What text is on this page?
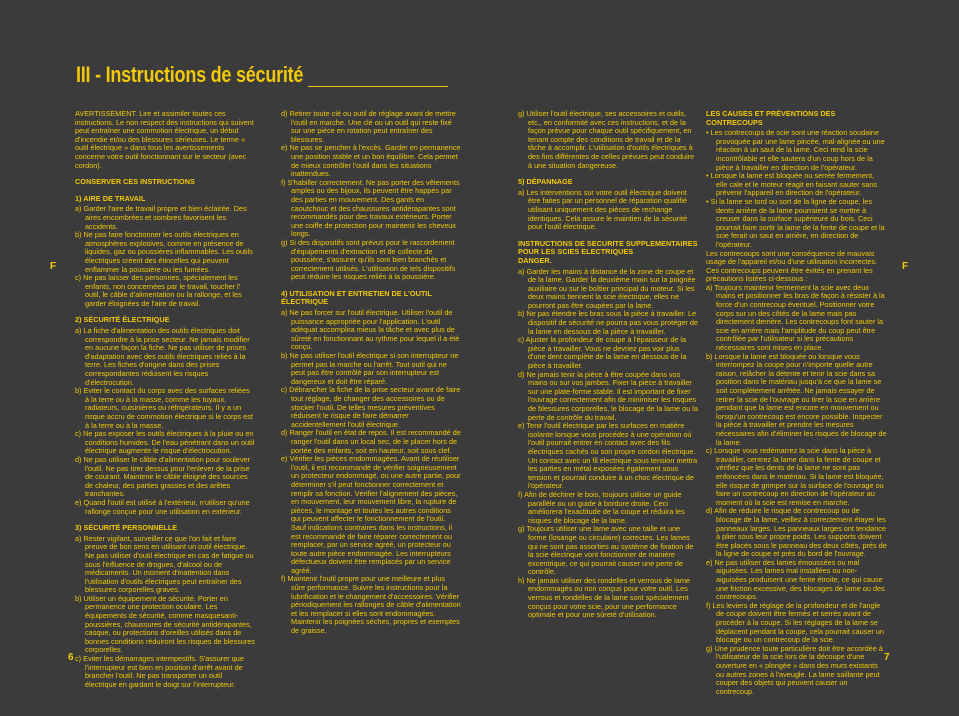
III - Instructions de sécurité

AVERTISSEMENT. Lire et assimiler toutes ces instructions. Le non respect des instructions qui suivent peut entraîner une commotion électrique, un début d'incendie et/ou des blessures sérieuses. Le terme « outil électrique » dans tous les avertissements concerne votre outil fonctionnant sur le secteur (avec cordon).

CONSERVER CES INSTRUCTIONS

1) AIRE DE TRAVAIL
a) Garder l'aire de travail propre et bien éclairée. Des aires encombrées et sombres favorisent les accidents.
b) Ne pas faire fonctionner les outils électriques en atmosphères explosives, comme en présence de liquides, gaz ou poussières inflammables. Les outils électriques créent des étincelles qui peuvent enflammer la poussière ou les fumées.
c) Ne pas laisser des personnes, spécialement les enfants, non concernées par le travail, toucher l' outil, le câble d'alimentation ou la rallonge, et les garder éloignées de l'aire de travail.
2) SÉCURITÉ ÉLECTRIQUE
a) La fiche d'alimentation des outils électriques doit correspondre à la prise secteur. Ne jamais modifier en aucune façon la fiche. Ne pas utiliser de prises d'adaptation avec des outils électriques reliés à la terre. Les fiches d'origine dans des prises correspondantes réduisent les risques d'électrocution.
b) Eviter le contact du corps avec des surfaces reliées à la terre ou à la masse, comme les tuyaux, radiateurs, cuisinières ou réfrigérateurs. Il y a un risque accru de commotion électrique si le corps est à la terre ou à la masse.
c) Ne pas exposer les outils électriques à la pluie ou en conditions humides. De l'eau pénétrant dans un outil électrique augmente le risque d'électrocution.
d) Ne pas utiliser le câble d'alimentation pour soulever l'outil. Ne pas tirer dessus pour l'enlever de la prise de courant. Maintenir le câble éloigné des sources de chaleur, des parties grasses et des arêtes tranchantes.
e) Quand l'outil est utilisé à l'extérieur, n'utiliser qu'une rallonge conçue pour une utilisation en extérieur.
3) SÉCURITÉ PERSONNELLE
a) Rester vigilant, surveiller ce que l'on fait et faire preuve de bon sens en utilisant un outil électrique. Ne pas utiliser d'outil électrique en cas de fatigue ou sous l'influence de drogues, d'alcool ou de médicaments. Un moment d'inattention dans l'utilisation d'outils électriques peut entraîner des blessures corporelles graves.
b) Utiliser un équipement de sécurité. Porter en permanence une protection oculaire. Les équipements de sécurité, comme masquesanti-poussières, chaussures de sécurité antidérapantes, casque, ou protections d'oreilles utilisés dans de bonnes conditions réduiront les risques de blessures corporelles.
c) Eviter les démarrages intempestifs. S'assurer que l'interrupteur est bien en position d'arrêt avant de brancher l'outil. Ne pas transporter un outil électrique en gardant le doigt sur l'interrupteur.
d) Retirer toute clé ou outil de réglage avant de mettre l'outil en marche. Une clé ou un outil qui reste fixé sur une pièce en rotation peut entraîner des blessures.
e) Ne pas se pencher à l'excès. Garder en permanence une position stable et un bon équilibre. Cela permet de mieux contrôler l'outil dans les situations inattendues.
f) S'habiller correctement. Ne pas porter des vêtements amples ou des bijoux, ils peuvent être happés par des parties en mouvement. Des gants en caoutchouc et des chaussures antidérapantes sont recommandés pour des travaux extérieurs. Porter une coiffe de protection pour maintenir les cheveux longs.
g) Si des dispositifs sont prévus pour le raccordement d'équipements d'extraction et de collecte de poussière, s'assurer qu'ils sont bien branchés et correctement utilisés. L'utilisation de tels dispositifs peut réduire les risques reliés à la poussière.
4) UTILISATION ET ENTRETIEN DE L'OUTIL ÉLECTRIQUE
a) Ne pas forcer sur l'outil électrique. Utiliser l'outil de puissance appropriée pour l'application. L'outil adéquat accomplira mieux la tâche et avec plus de sûreté en fonctionnant au rythme pour lequel il a été conçu.
b) Ne pas utiliser l'outil électrique si son interrupteur ne permet pas la marche ou l'arrêt. Tout outil qui ne peut pas être contrôlé par son interrupteur est dangereux et doit être réparé.
c) Débrancher la fiche de la prise secteur avant de faire tout réglage, de changer des accessoires ou de stocker l'outil. De telles mesures préventives réduisent le risque de faire démarrer accidentellement l'outil électrique.
d) Ranger l'outil en état de repos. Il est recommandé de ranger l'outil dans un local sec, de le placer hors de portée des enfants, soit en hauteur, soit sous clef.
e) Vérifier les pièces endommagées. Avant de réutiliser l'outil, il est recommandé de vérifier soigneusement un protecteur endommagé, ou une autre partie, pour déterminer s'il peut fonctionner correctement et remplir sa fonction. Vérifier l'alignement des pièces, en mouvement, leur mouvement libre, la rupture de pièces, le montage et toutes les autres conditions qui peuvent affecter le fonctionnement de l'outil. Sauf indications contraires dans les instructions, il est recommandé de faire réparer correctement ou remplacer, par un service agréé, un protecteur ou toute autre pièce endommagée. Les interrupteurs défectueux doivent être remplacés par un service agréé.
f) Maintenir l'outil propre pour une meilleure et plus sûre performance. Suivre les instructions pour la lubrification et le changement d'accessoires. Vérifier périodiquement les rallonges de câble d'alimentation et les remplacer si elles sont endommagées. Maintenir les poignées sèches, propres et exemptes de graisse.
g) Utiliser l'outil électrique, ses accessoires et outils, etc., en conformité avec ces instructions, et de la façon prévue pour chaque outil spécifiquement, en tenant compte des conditions de travail et de la tâche à accomplir. L'utilisation d'outils électriques à des fins différentes de celles prévues peut conduire à une situation dangereuse.
5) DÉPANNAGE
a) Les interventions sur votre outil électrique doivent être faites par un personnel de réparation qualifié utilisant uniquement des pièces de rechange identiques. Cela assure le maintien de la sécurité pour l'outil électrique.
INSTRUCTIONS DE SECURITE SUPPLEMENTAIRES POUR LES SCIES ELECTRIQUES
DANGER.
a) Garder les mains à distance de la zone de coupe et de la lame. Garder la deuxième main sur la poignée auxiliaire ou sur le boîtier principal du moteur. Si les deux mains tiennent la scie électrique, elles ne pourront pas être coupées par la lame.
b) Ne pas étendre les bras sous la pièce à travailler. Le dispositif de sécurité ne pourra pas vous protéger de la lame en dessous de la pièce à travailler.
c) Ajuster la profondeur de coupe à l'épaisseur de la pièce à travailler. Vous ne devriez pas voir plus d'une dent complète de la lame en dessous de la pièce à travailler.
d) Ne jamais tenir la pièce à être coupée dans vos mains ou sur vos jambes. Fixer la pièce à travailler sur une plate-forme stable. Il est important de fixer l'ouvrage correctement afin de minimiser les risques de blessures corporelles, le blocage de la lame ou la perte de contrôle du travail.
e) Tenir l'outil électrique par les surfaces en matière isolante lorsque vous procédez à une opération où l'outil pourrait entrer en contact avec des fils électriques cachés ou son propre cordon électrique. Un contact avec un fil électrique sous tension mettra les parties en métal exposées également sous tension et pourrait conduire à un choc électrique de l'opérateur.
f) Afin de déchirer le bois, toujours utiliser un guide parallèle ou un guide à bordure droite. Ceci améliorera l'exactitude de la coupe et réduira les risques de blocage de la lame.
g) Toujours utiliser une lame avec une taille et une forme (losange ou circulaire) correctes. Les lames qui ne sont pas assorties au système de fixation de la scie électrique vont fonctionner de manière excentrique, ce qui pourrait causer une perte de contrôle.
h) Ne jamais utiliser des rondelles et verrous de lame endommagés ou non conçus pour votre outil. Les verrous et rondelles de la lame sont spécialement conçus pour votre scie, pour une performance optimale et pour une sûreté d'utilisation.
LES CAUSES ET PRÉVENTIONS DES CONTRECOUPS
• Les contrecoups de scie sont une réaction soudaine provoquée par une lame pincée, mal-alignée ou une réaction à un saut de la lame. Ceci rend la scie incontrôlable et elle sautera d'un coup hors de la pièce à travailler en direction de l'opérateur.
• Lorsque la lame est bloquée ou serrée fermement, elle cale et le moteur réagit en faisant sauter sans prévenir l'appareil en direction de l'opérateur.
• Si la lame se tord ou sort de la ligne de coupe, les dents arrière de la lame pourraient se mettre à creuser dans la surface supérieure du bois. Ceci pourrait faire sortir la lame de la fente de coupe et la scie ferait un saut en arrière, en direction de l'opérateur.

Les contrecoups sont une conséquence de mauvais usage de l'appareil et/ou d'une utilisation incorrectes. Ces contrecoups peuvent être évités en prenant les précautions listées ci-dessous :

a) Toujours maintenir fermement la scie avec deux mains et positionner les bras de façon à résister à la force d'un contrecoup éventuel. Positionner votre corps sur un des côtés de la lame mais pas directement derrière. Les contrecoups font sauter la scie en arrière mais l'amplitude du coup peut être contrôlée par l'utilisateur si les précautions nécessaires sont mises en place.
b) Lorsque la lame est bloquée ou lorsque vous interrompez la coupe pour n'importe quelle autre raison, relâcher la détente et tenir la scie dans sa position dans le matériau jusqu'à ce que la lame se soit complètement arrêtée. Ne jamais essayer de retirer la scie de l'ouvrage ou tirer la scie en arrière pendant que la lame est encore en mouvement ou lorsqu'un contrecoup est encore possible. Inspecter la pièce à travailler et prendre les mesures nécessaires afin d'éliminer les risques de blocage de la lame.
c) Lorsque vous redémarrez la scie dans la pièce à travailler, centrez la lame dans la fente de coupe et vérifiez que les dents de la lame ne sont pas enfoncées dans le matériau. Si la lame est bloquée, elle risque de grimper sur la surface de l'ouvrage ou faire un contrecoup en direction de l'opérateur au moment où la scie est remise en marche.
d) Afin de réduire le risque de contrecoup ou de blocage de la lame, veillez à correctement étayer les panneaux larges. Les panneaux larges ont tendance à plier sous leur propre poids. Les supports doivent être placés sous le panneau des deux côtés, près de la ligne de coupe et près du bord de l'ouvrage.
e) Ne pas utiliser des lames émoussées ou mal aiguisées. Les lames mal installées ou non-aiguisées produisent une fente étroite, ce qui cause une friction excessive, des blocages de lame ou des contrecoups.
f) Les leviers de réglage de la profondeur et de l'angle de coupe doivent être fermés et serrés avant de procéder à la coupe. Si les réglages de la lame se déplacent pendant la coupe, cela pourrait causer un blocage ou un contrecoup de la scie.
g) Une prudence toute particulière doit être accordée à l'utilisateur de la scie lors de la découpe d'une ouverture en « plongée » dans des murs existants ou autres zones à l'aveugle. La lame saillante peut couper des objets qui peuvent causer un contrecoup.
F	F
6	7
